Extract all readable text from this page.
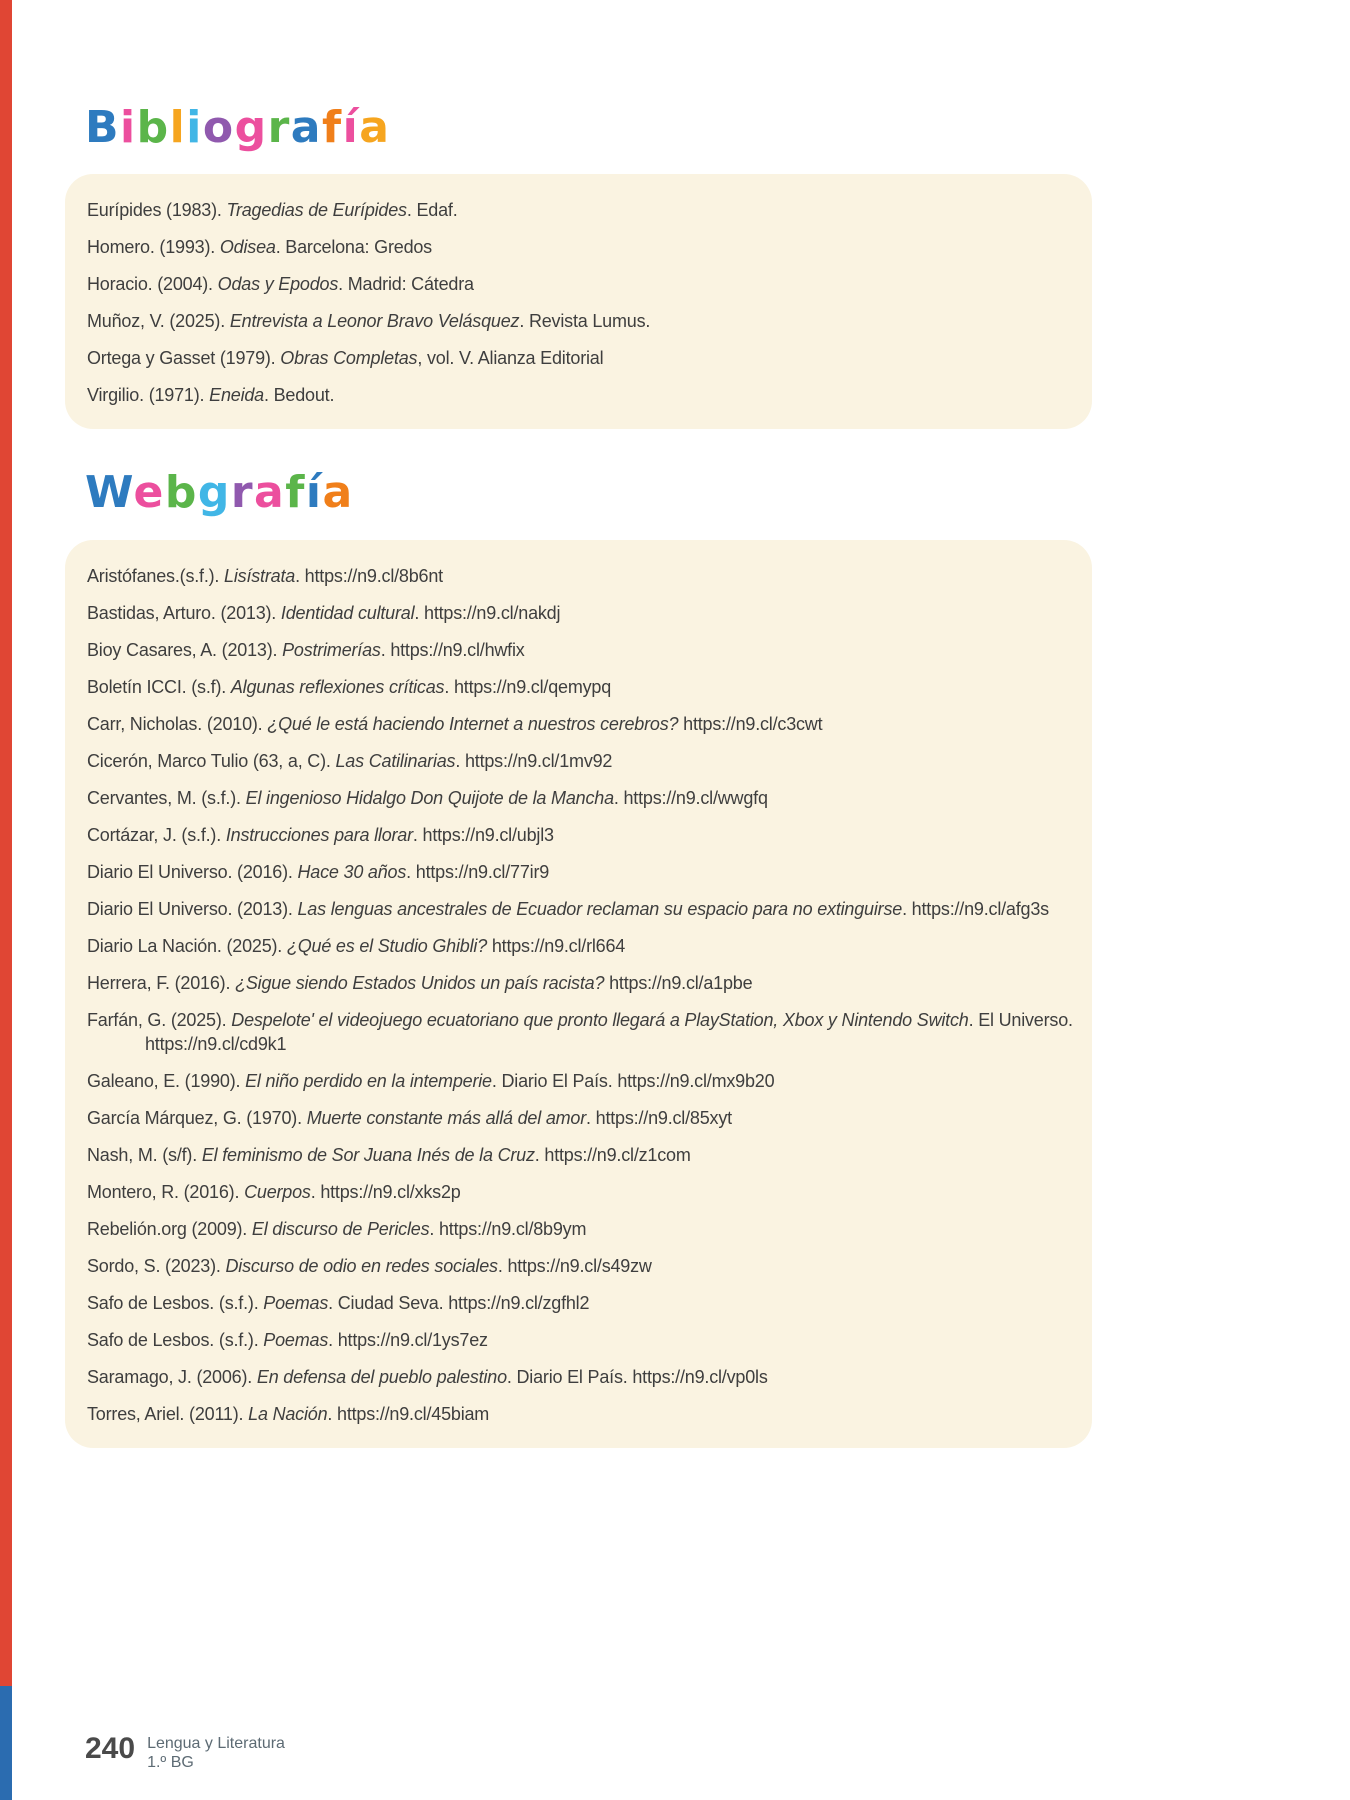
Bibliografía
Eurípides (1983). Tragedias de Eurípides. Edaf.
Homero. (1993). Odisea. Barcelona: Gredos
Horacio. (2004). Odas y Epodos. Madrid: Cátedra
Muñoz, V. (2025). Entrevista a Leonor Bravo Velásquez. Revista Lumus.
Ortega y Gasset (1979). Obras Completas, vol. V. Alianza Editorial
Virgilio. (1971). Eneida. Bedout.
Webgrafía
Aristófanes.(s.f.). Lisístrata. https://n9.cl/8b6nt
Bastidas, Arturo. (2013). Identidad cultural. https://n9.cl/nakdj
Bioy Casares, A. (2013). Postrimerías. https://n9.cl/hwfix
Boletín ICCI. (s.f). Algunas reflexiones críticas. https://n9.cl/qemypq
Carr, Nicholas. (2010). ¿Qué le está haciendo Internet a nuestros cerebros? https://n9.cl/c3cwt
Cicerón, Marco Tulio (63, a, C). Las Catilinarias. https://n9.cl/1mv92
Cervantes, M. (s.f.). El ingenioso Hidalgo Don Quijote de la Mancha. https://n9.cl/wwgfq
Cortázar, J. (s.f.). Instrucciones para llorar. https://n9.cl/ubjl3
Diario El Universo. (2016). Hace 30 años. https://n9.cl/77ir9
Diario El Universo. (2013). Las lenguas ancestrales de Ecuador reclaman su espacio para no extinguirse. https://n9.cl/afg3s
Diario La Nación. (2025). ¿Qué es el Studio Ghibli? https://n9.cl/rl664
Herrera, F. (2016). ¿Sigue siendo Estados Unidos un país racista? https://n9.cl/a1pbe
Farfán, G. (2025). Despelote' el videojuego ecuatoriano que pronto llegará a PlayStation, Xbox y Nintendo Switch. El Universo. https://n9.cl/cd9k1
Galeano, E. (1990). El niño perdido en la intemperie. Diario El País. https://n9.cl/mx9b20
García Márquez, G. (1970). Muerte constante más allá del amor. https://n9.cl/85xyt
Nash, M. (s/f). El feminismo de Sor Juana Inés de la Cruz. https://n9.cl/z1com
Montero, R. (2016). Cuerpos. https://n9.cl/xks2p
Rebelión.org (2009). El discurso de Pericles. https://n9.cl/8b9ym
Sordo, S. (2023). Discurso de odio en redes sociales. https://n9.cl/s49zw
Safo de Lesbos. (s.f.). Poemas. Ciudad Seva. https://n9.cl/zgfhl2
Safo de Lesbos. (s.f.). Poemas. https://n9.cl/1ys7ez
Saramago, J. (2006). En defensa del pueblo palestino. Diario El País. https://n9.cl/vp0ls
Torres, Ariel. (2011). La Nación. https://n9.cl/45biam
240 Lengua y Literatura
1.º BG
